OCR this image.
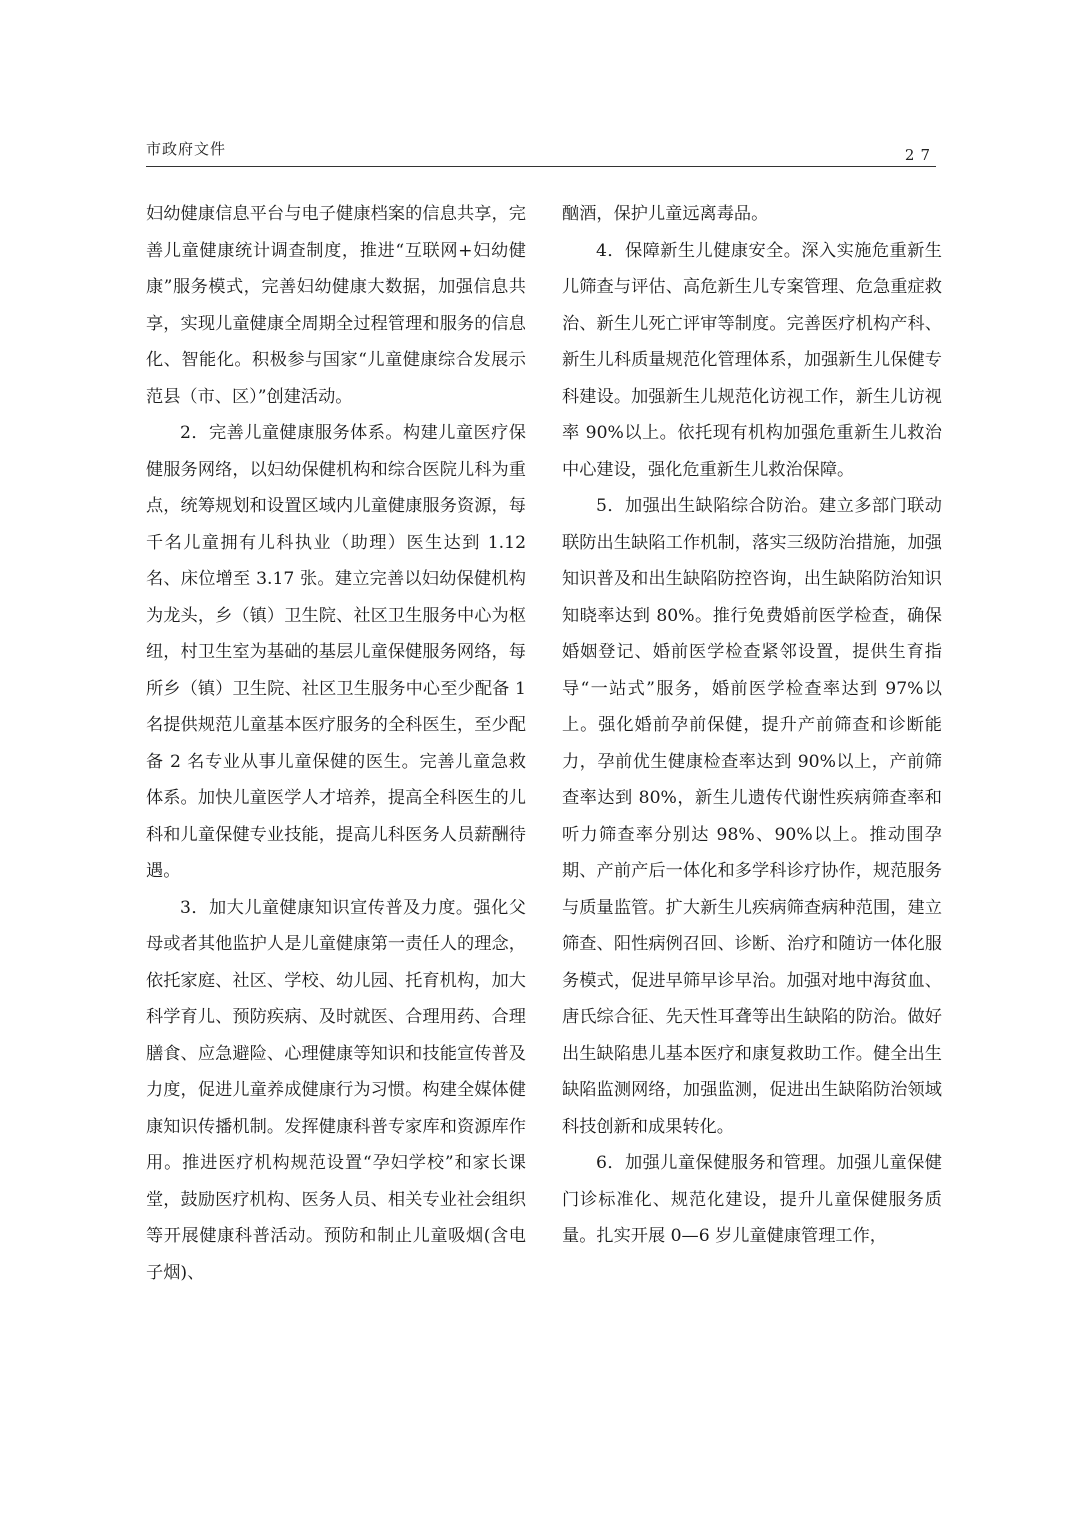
市政府文件	27

妇幼健康信息平台与电子健康档案的信息共享，完善儿童健康统计调查制度，推进“互联网+妇幼健康”服务模式，完善妇幼健康大数据，加强信息共享，实现儿童健康全周期全过程管理和服务的信息化、智能化。积极参与国家“儿童健康综合发展示范县（市、区）”创建活动。

2．完善儿童健康服务体系。构建儿童医疗保健服务网络，以妇幼保健机构和综合医院儿科为重点，统筹规划和设置区域内儿童健康服务资源，每千名儿童拥有儿科执业（助理）医生达到 1.12 名、床位增至 3.17 张。建立完善以妇幼保健机构为龙头，乡（镇）卫生院、社区卫生服务中心为枢纽，村卫生室为基础的基层儿童保健服务网络，每所乡（镇）卫生院、社区卫生服务中心至少配备 1 名提供规范儿童基本医疗服务的全科医生，至少配备 2 名专业从事儿童保健的医生。完善儿童急救体系。加快儿童医学人才培养，提高全科医生的儿科和儿童保健专业技能，提高儿科医务人员薪酬待遇。

3．加大儿童健康知识宣传普及力度。强化父母或者其他监护人是儿童健康第一责任人的理念，依托家庭、社区、学校、幼儿园、托育机构，加大科学育儿、预防疾病、及时就医、合理用药、合理膳食、应急避险、心理健康等知识和技能宣传普及力度，促进儿童养成健康行为习惯。构建全媒体健康知识传播机制。发挥健康科普专家库和资源库作用。推进医疗机构规范设置“孕妇学校”和家长课堂，鼓励医疗机构、医务人员、相关专业社会组织等开展健康科普活动。预防和制止儿童吸烟(含电子烟)、

酗酒，保护儿童远离毒品。

4．保障新生儿健康安全。深入实施危重新生儿筛查与评估、高危新生儿专案管理、危急重症救治、新生儿死亡评审等制度。完善医疗机构产科、新生儿科质量规范化管理体系，加强新生儿保健专科建设。加强新生儿规范化访视工作，新生儿访视率 90%以上。依托现有机构加强危重新生儿救治中心建设，强化危重新生儿救治保障。

5．加强出生缺陷综合防治。建立多部门联动联防出生缺陷工作机制，落实三级防治措施，加强知识普及和出生缺陷防控咨询，出生缺陷防治知识知晓率达到 80%。推行免费婚前医学检查，确保婚姻登记、婚前医学检查紧邻设置，提供生育指导“一站式”服务，婚前医学检查率达到 97%以上。强化婚前孕前保健，提升产前筛查和诊断能力，孕前优生健康检查率达到 90%以上，产前筛查率达到 80%，新生儿遗传代谢性疾病筛查率和听力筛查率分别达 98%、90%以上。推动围孕期、产前产后一体化和多学科诊疗协作，规范服务与质量监管。扩大新生儿疾病筛查病种范围，建立筛查、阳性病例召回、诊断、治疗和随访一体化服务模式，促进早筛早诊早治。加强对地中海贫血、唐氏综合征、先天性耳聋等出生缺陷的防治。做好出生缺陷患儿基本医疗和康复救助工作。健全出生缺陷监测网络，加强监测，促进出生缺陷防治领域科技创新和成果转化。

6．加强儿童保健服务和管理。加强儿童保健门诊标准化、规范化建设，提升儿童保健服务质量。扎实开展 0—6 岁儿童健康管理工作，
